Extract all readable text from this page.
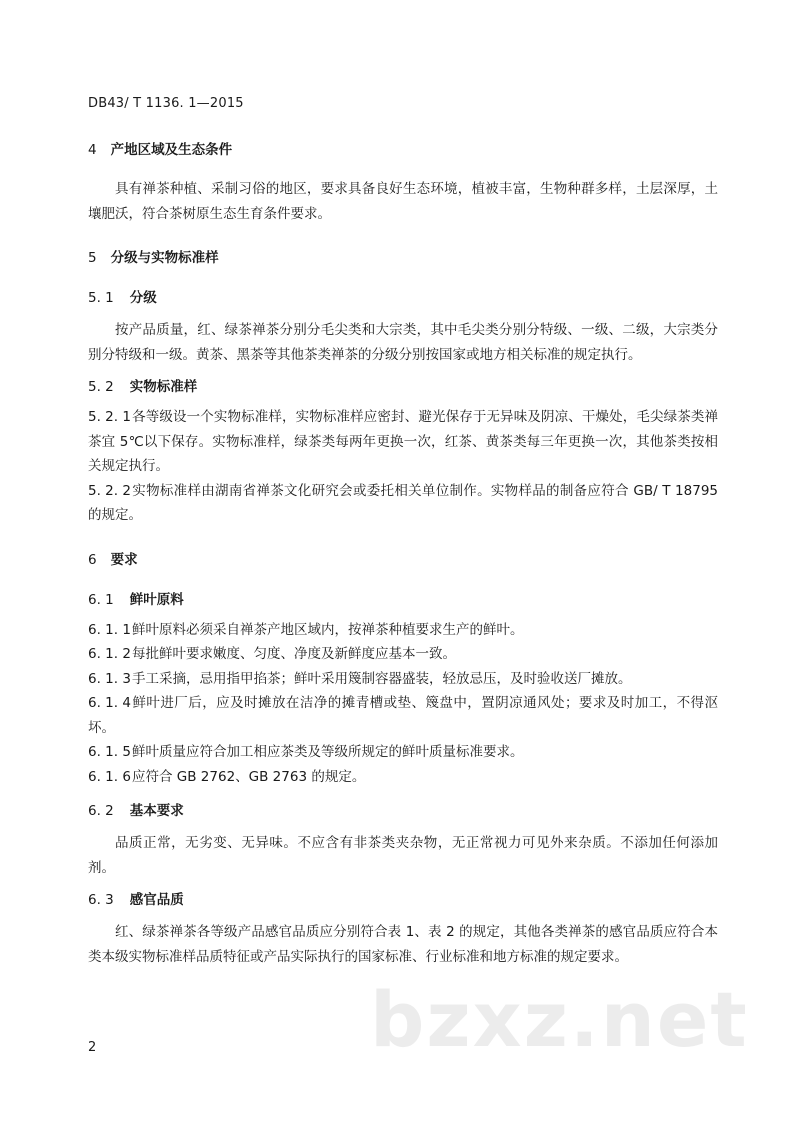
DB43/ T 1136. 1—2015
4 产地区域及生态条件

具有禅茶种植、采制习俗的地区，要求具备良好生态环境，植被丰富，生物种群多样，土层深厚，土壤肥沃，符合茶树原生态生育条件要求。

5 分级与实物标准样
5. 1 分级

按产品质量，红、绿茶禅茶分别分毛尖类和大宗类，其中毛尖类分别分特级、一级、二级，大宗类分别分特级和一级。黄茶、黑茶等其他茶类禅茶的分级分别按国家或地方相关标准的规定执行。

5. 2 实物标准样

5. 2. 1各等级设一个实物标准样，实物标准样应密封、避光保存于无异味及阴凉、干燥处，毛尖绿茶类禅茶宜 5℃以下保存。实物标准样，绿茶类每两年更换一次，红茶、黄茶类每三年更换一次，其他茶类按相关规定执行。

5. 2. 2实物标准样由湖南省禅茶文化研究会或委托相关单位制作。实物样品的制备应符合 GB/ T 18795 的规定。

6 要求
6. 1 鲜叶原料

6. 1. 1鲜叶原料必须采自禅茶产地区域内，按禅茶种植要求生产的鲜叶。

6. 1. 2每批鲜叶要求嫩度、匀度、净度及新鲜度应基本一致。

6. 1. 3手工采摘，忌用指甲掐茶；鲜叶采用篾制容器盛装，轻放忌压，及时验收送厂摊放。

6. 1. 4鲜叶进厂后，应及时摊放在洁净的摊青槽或垫、篾盘中，置阴凉通风处；要求及时加工，不得沤坏。

6. 1. 5鲜叶质量应符合加工相应茶类及等级所规定的鲜叶质量标准要求。

6. 1. 6应符合 GB 2762、GB 2763 的规定。

6. 2 基本要求

品质正常，无劣变、无异味。不应含有非茶类夹杂物，无正常视力可见外来杂质。不添加任何添加剂。

6. 3 感官品质

红、绿茶禅茶各等级产品感官品质应分别符合表 1、表 2 的规定，其他各类禅茶的感官品质应符合本类本级实物标准样品质特征或产品实际执行的国家标准、行业标准和地方标准的规定要求。

bzxz.net
2
